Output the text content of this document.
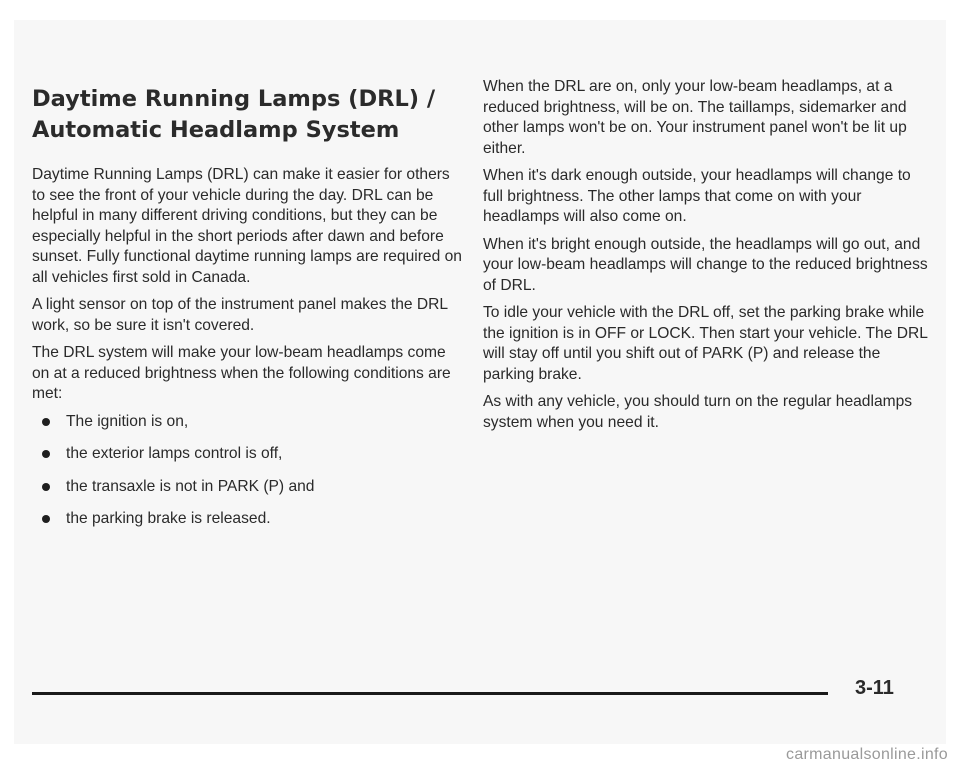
Daytime Running Lamps (DRL) /
Automatic Headlamp System

Daytime Running Lamps (DRL) can make it easier for others to see the front of your vehicle during the day. DRL can be helpful in many different driving conditions, but they can be especially helpful in the short periods after dawn and before sunset. Fully functional daytime running lamps are required on all vehicles first sold in Canada.

A light sensor on top of the instrument panel makes the DRL work, so be sure it isn't covered.

The DRL system will make your low-beam headlamps come on at a reduced brightness when the following conditions are met:

The ignition is on,
the exterior lamps control is off,
the transaxle is not in PARK (P) and
the parking brake is released.

When the DRL are on, only your low-beam headlamps, at a reduced brightness, will be on. The taillamps, sidemarker and other lamps won't be on. Your instrument panel won't be lit up either.

When it's dark enough outside, your headlamps will change to full brightness. The other lamps that come on with your headlamps will also come on.

When it's bright enough outside, the headlamps will go out, and your low-beam headlamps will change to the reduced brightness of DRL.

To idle your vehicle with the DRL off, set the parking brake while the ignition is in OFF or LOCK. Then start your vehicle. The DRL will stay off until you shift out of PARK (P) and release the parking brake.

As with any vehicle, you should turn on the regular headlamps system when you need it.

3-11
carmanualsonline.info
